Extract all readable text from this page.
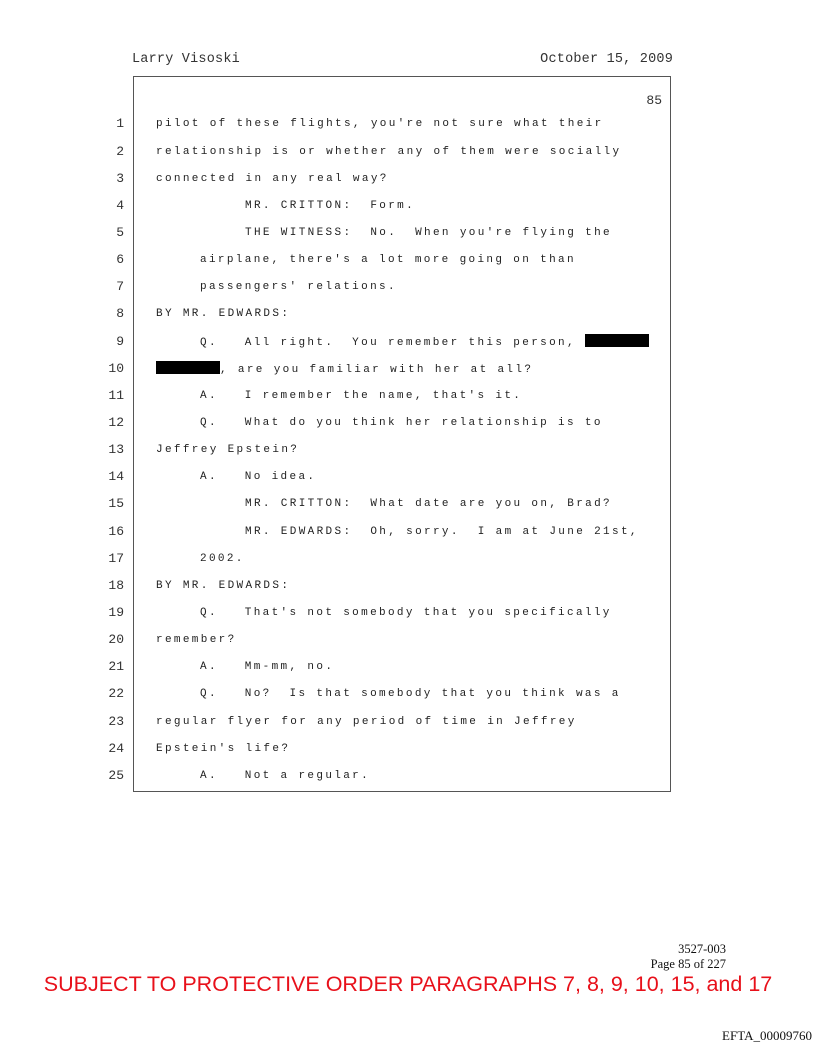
Larry Visoski	October 15, 2009
85
1	pilot of these flights, you're not sure what their
2	relationship is or whether any of them were socially
3	connected in any real way?
4	MR. CRITTON:  Form.
5	THE WITNESS:  No.  When you're flying the
6	airplane, there's a lot more going on than
7	passengers' relations.
8	BY MR. EDWARDS:
9	Q.   All right.  You remember this person,
10	, are you familiar with her at all?
11	A.   I remember the name, that's it.
12	Q.   What do you think her relationship is to
13	Jeffrey Epstein?
14	A.   No idea.
15	MR. CRITTON:  What date are you on, Brad?
16	MR. EDWARDS:  Oh, sorry.  I am at June 21st,
17	2002.
18	BY MR. EDWARDS:
19	Q.   That's not somebody that you specifically
20	remember?
21	A.   Mm-mm, no.
22	Q.   No?  Is that somebody that you think was a
23	regular flyer for any period of time in Jeffrey
24	Epstein's life?
25	A.   Not a regular.
3527-003
Page 85 of 227
SUBJECT TO PROTECTIVE ORDER PARAGRAPHS 7, 8, 9, 10, 15, and 17
EFTA_00009760
